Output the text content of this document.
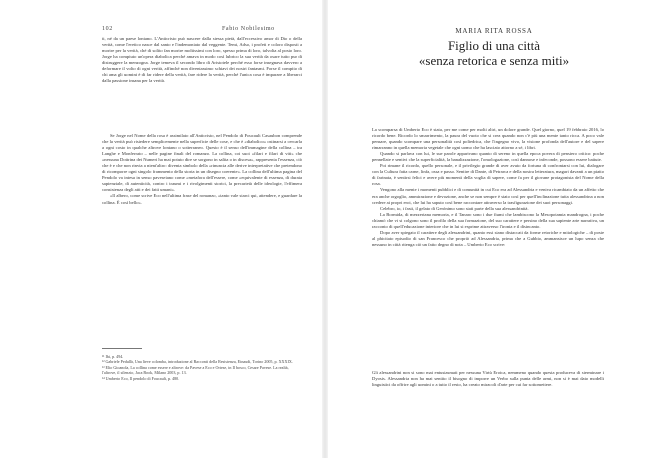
102	Fabio Nobilesimo

ti, né da un paese lontano. L'Anticristo può nascere dalla stessa pietà, dall'eccessivo amor di Dio o della verità, come l'eretico nasce dal santo e l'indemoniato dal veggente. Temi, Adso, i profeti e coloro disposti a morire per la verità, ché di solito fan morire moltissimi con loro, spesso prima di loro, talvolta al posto loro. Jorge ha compiuto un'opera diabolica perché amava in modo così lubrico la sua verità da osare tutto pur di distruggere la menzogna. Jorge temeva il secondo libro di Aristotele perché esso forse insegnava davvero a deformare il volto di ogni verità, affinché non diventassimo schiavi dei nostri fantasmi. Forse il compito di chi ama gli uomini è di far ridere della verità, fare ridere la verità, perché l'unica cosa è imparare a liberarci dalla passione insana per la verità.

Se Jorge nel Nome della rosa è assimilato all'Anticristo, nel Pendolo di Foucault Casaubon comprende che la verità può risiedere semplicemente nella superficie delle cose, e che è «diabolico» ostinarsi a cercarla a ogni costo in qualche altrove lontano o sotterraneo. Questo è il senso dell'immagine della collina – tra Langhe e Monferrato – nelle pagine finali del romanzo. La collina, coi suoi «filari e filari di viti» che «nessuna Dottrina dei Numeri ha mai potuto dire se sorgono in salita o in discesa», rappresenta l'essenza, ciò che è e che non rinvia a nient'altro: diventa simbolo della «rinuncia alle derive interpretative che pretendono di ricomporre ogni singolo frammento della storia in un disegno coerente». La collina dell'ultima pagina del Pendolo va intesa in senso paveseiano come «metafora dell'essere, come «equivalente di essenza, di durata sapienziale, di autenticità, contro i traumi e i rivolgimenti storici, la precarietà delle ideologie, l'effimera consistenza degli atti e dei fatti umani».

«Il albero, come scrive Eco nell'ultima frase del romanzo, «tanto vale starci qui, attendere, e guardare la collina. È così bello».

¹¹ Ibi, p. 494.

¹² Gabriele Pedullà, Una lieve colomba, introduzione al Racconti della Resistenza, Einaudi, Torino 2005, p. XXXIX.

¹³ Elio Gioanola, La collina come essere e altrove: da Pavese a Eco e Ortese, in Il bosco, Cesare Pavese. La realtà, l'altrove, il silenzio, Jaca Book, Milano 2003, p. 13.

¹⁴ Umberto Eco, Il pendolo di Foucault, p. 480.

MARIA RITA ROSSA
Figlio di una città
«senza retorica e senza miti»

La scomparsa di Umberto Eco è stata, per me come per molti altri, un dolore grande. Quel giorno, quel 19 febbraio 2016, lo ricordo bene. Ricordo lo smarrimento, la paura del vuoto che si crea quando non c'è più una mente tanto ricca. A poco vale pensare, quando scompare una personalità così poliedrica, che l'ingegno vivo, la visione profonda dell'autore e del sapere rimarranno in quella memoria vegetale che ogni uomo che ha lasciato attorno a sé, i libri.

Quando si parlava con lui, le sue parole apparivano quanto di sereno in quella epoca povera di pensiero critico: poche pennellate e sentivi che la superficialità, la banalizzazione, l'omologazione, così dannose e infeconde, possono essere battute.

Poi rimane il ricordo, quello personale, e il privilegio grande di aver avuto da fortuna di confrontarsi con lui, dialogare con la Cultura fatta carne, linfa, ossa e passo. Sentire di Dante, di Petrarca e della nostra letteratura, magari davanti a un piatto di farinata, è sentirsi felici e avere più momenti della voglia di sapere, come fa per il giovane protagonista del Nome della rosa.

Vengono alla mente i momenti pubblici e di comunità in cui Eco era ad Alessandria e veniva ricambiato da un affetto che era anche orgoglio, ammirazione e devozione, anche se non sempre è stato così per quell'inclinazione tutta alessandrina a non credere ai propri eroi, che lui ha saputo così bene raccontare attraverso la trasfigurazione dei suoi personaggi.

Celebro, io, i fasti, il gelato di Gerónimo sono stati parte della sua alessandrinità.

La Bormida, di mezzeriana memoria, e il Tanaro sono i due fiumi che lambiscono la Mesopotamia mandrogna, i poche chiamò che vi si colgono sono il profilo della sua formazione, del suo carattere e persino della sua sapiente arte narrativa, un racconto di quell'educazione interiore che in lui si esprime attraverso l'ironia e il disincanto.

Dopo aver spiegato il carattere degli alessandrini, quanto essi siano distaccati da forme retoriche e mitologiche – di poste al phicitato episodio di san Francesco che propriò ad Alessandria, prima che a Gubbio, ammansisce un lupo senza che nessuno in città ritenga ciò un fatto degno di nota – Umberto Eco scrive:

Gli alessandrini non si sono mai entusiasmati per nessuna Virtù Eroica, nemmeno quando questa produceva di sterminare i Dyosis. Alessandria non ha mai sentito il bisogno di imporre un Verbo sulla punta delle armi, non si è mai dato modelli linguistici da offrire agli uomini o a tutto il resto, ha creato miracoli d'arte per cui far sottomettere.
